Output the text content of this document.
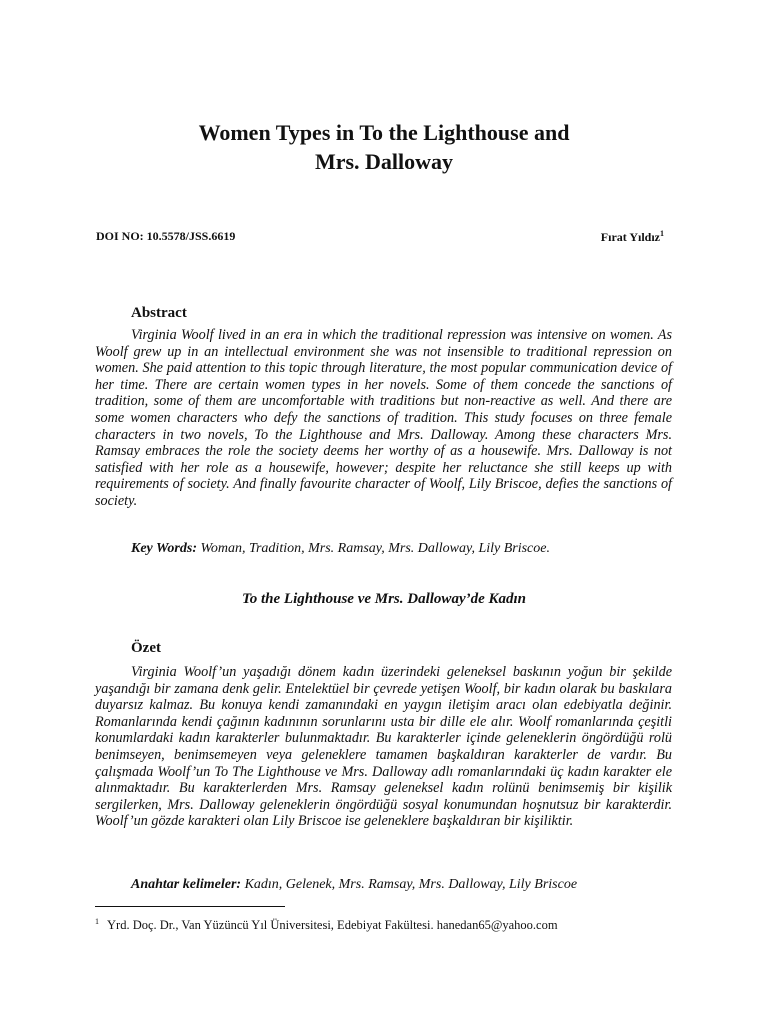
Women Types in To the Lighthouse and
Mrs. Dalloway
DOI NO: 10.5578/JSS.6619	Fırat Yıldız$^1$
Abstract

Virginia Woolf lived in an era in which the traditional repression was intensive on women. As Woolf grew up in an intellectual environment she was not insensible to traditional repression on women. She paid attention to this topic through literature, the most popular communication device of her time. There are certain women types in her novels. Some of them concede the sanctions of tradition, some of them are uncomfortable with traditions but non-reactive as well. And there are some women characters who defy the sanctions of tradition. This study focuses on three female characters in two novels, To the Lighthouse and Mrs. Dalloway. Among these characters Mrs. Ramsay embraces the role the society deems her worthy of as a housewife. Mrs. Dalloway is not satisfied with her role as a housewife, however; despite her reluctance she still keeps up with requirements of society. And finally favourite character of Woolf, Lily Briscoe, defies the sanctions of society.

Key Words: Woman, Tradition, Mrs. Ramsay, Mrs. Dalloway, Lily Briscoe.
To the Lighthouse ve Mrs. Dalloway’de Kadın
Özet

Virginia Woolf’un yaşadığı dönem kadın üzerindeki geleneksel baskının yoğun bir şekilde yaşandığı bir zamana denk gelir. Entelektüel bir çevrede yetişen Woolf, bir kadın olarak bu baskılara duyarsız kalmaz. Bu konuya kendi zamanındaki en yaygın iletişim aracı olan edebiyatla değinir. Romanlarında kendi çağının kadınının sorunlarını usta bir dille ele alır. Woolf romanlarında çeşitli konumlardaki kadın karakterler bulunmaktadır. Bu karakterler içinde geleneklerin öngördüğü rolü benimseyen, benimsemeyen veya geleneklere tamamen başkaldıran karakterler de vardır. Bu çalışmada Woolf’un To The Lighthouse ve Mrs. Dalloway adlı romanlarındaki üç kadın karakter ele alınmaktadır. Bu karakterlerden Mrs. Ramsay geleneksel kadın rolünü benimsemiş bir kişilik sergilerken, Mrs. Dalloway geleneklerin öngördüğü sosyal konumundan hoşnutsuz bir karakterdir. Woolf’un gözde karakteri olan Lily Briscoe ise geleneklere başkaldıran bir kişiliktir.

Anahtar kelimeler: Kadın, Gelenek, Mrs. Ramsay, Mrs. Dalloway, Lily Briscoe
$^1$ Yrd. Doç. Dr., Van Yüzüncü Yıl Üniversitesi, Edebiyat Fakültesi. hanedan65@yahoo.com
